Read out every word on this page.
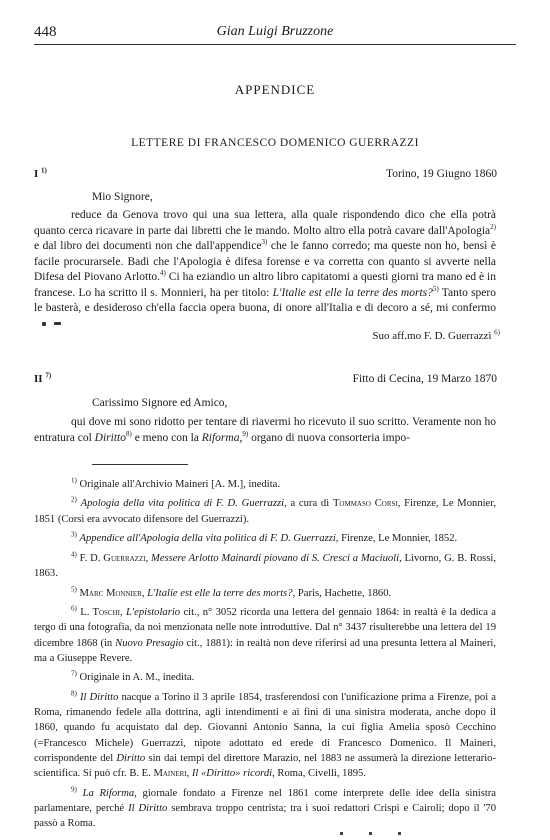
448	Gian Luigi Bruzzone
APPENDICE
LETTERE DI FRANCESCO DOMENICO GUERRAZZI
I $^{1)}$	Torino, 19 Giugno 1860
Mio Signore,

reduce da Genova trovo qui una sua lettera, alla quale rispondendo dico che ella potrà quanto cerca ricavare in parte dai libretti che le mando. Molto altro ella potrà cavare dall'Apologia$^{2)}$ e dal libro dei documenti non che dall'appendice$^{3)}$ che le fanno corredo; ma queste non ho, bensì è facile procurarsele. Badi che l'Apologia è difesa forense e va corretta con quanto si avverte nella Difesa del Piovano Arlotto.$^{4)}$ Ci ha eziandio un altro libro capitatomi a questi giorni tra mano ed è in francese. Lo ha scritto il s. Monnieri, ha per titolo: L'Italie est elle la terre des morts?$^{5)}$ Tanto spero le basterà, e desideroso ch'ella faccia opera buona, di onore all'Italia e di decoro a sé, mi confermo

Suo aff.mo F. D. Guerrazzi $^{6)}$
II $^{7)}$	Fitto di Cecina, 19 Marzo 1870
Carissimo Signore ed Amico,

qui dove mi sono ridotto per tentare di riavermi ho ricevuto il suo scritto. Veramente non ho entratura col Diritto$^{8)}$ e meno con la Riforma,$^{9)}$ organo di nuova consorteria impo-

$^{1)}$ Originale all'Archivio Maineri [A. M.], inedita.

$^{2)}$ Apologia della vita politica di F. D. Guerrazzi, a cura di Tommaso Corsi, Firenze, Le Monnier, 1851 (Corsi era avvocato difensore del Guerrazzi).

$^{3)}$ Appendice all'Apologia della vita politica di F. D. Guerrazzi, Firenze, Le Monnier, 1852.

$^{4)}$ F. D. Guerrazzi, Messere Arlotto Mainardi piovano di S. Cresci a Maciuoli, Livorno, G. B. Rossi, 1863.

$^{5)}$ Marc Monnier, L'Italie est elle la terre des morts?, Paris, Hachette, 1860.

$^{6)}$ L. Toschi, L'epistolario cit., n° 3052 ricorda una lettera del gennaio 1864: in realtà è la dedica a tergo di una fotografia, da noi menzionata nelle note introduttive. Dal n° 3437 risulterebbe una lettera del 19 dicembre 1868 (in Nuovo Presagio cit., 1881): in realtà non deve riferirsi ad una presunta lettera al Maineri, ma a Giuseppe Revere.

$^{7)}$ Originale in A. M., inedita.

$^{8)}$ Il Diritto nacque a Torino il 3 aprile 1854, trasferendosi con l'unificazione prima a Firenze, poi a Roma, rimanendo fedele alla dottrina, agli intendimenti e ai fini di una sinistra moderata, anche dopo il 1860, quando fu acquistato dal dep. Giovanni Antonio Sanna, la cui figlia Amelia sposò Cecchino (=Francesco Michele) Guerrazzi, nipote adottato ed erede di Francesco Domenico. Il Maineri, corrispondente del Diritto sin dai tempi del direttore Marazio, nel 1883 ne assumerà la direzione letterario-scientifica. Si può cfr. B. E. Maineri, Il «Diritto» ricordi, Roma, Civelli, 1895.

$^{9)}$ La Riforma, giornale fondato a Firenze nel 1861 come interprete delle idee della sinistra parlamentare, perché Il Diritto sembrava troppo centrista; tra i suoi redattori Crispi e Cairoli; dopo il '70 passò a Roma.
